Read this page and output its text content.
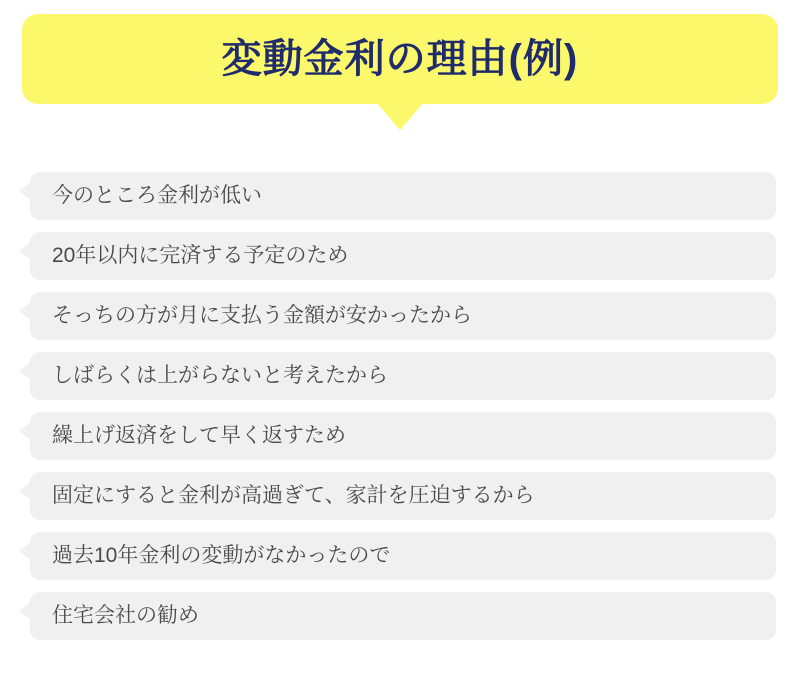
変動金利の理由(例)
今のところ金利が低い
20年以内に完済する予定のため
そっちの方が月に支払う金額が安かったから
しばらくは上がらないと考えたから
繰上げ返済をして早く返すため
固定にすると金利が高過ぎて、家計を圧迫するから
過去10年金利の変動がなかったので
住宅会社の勧め
